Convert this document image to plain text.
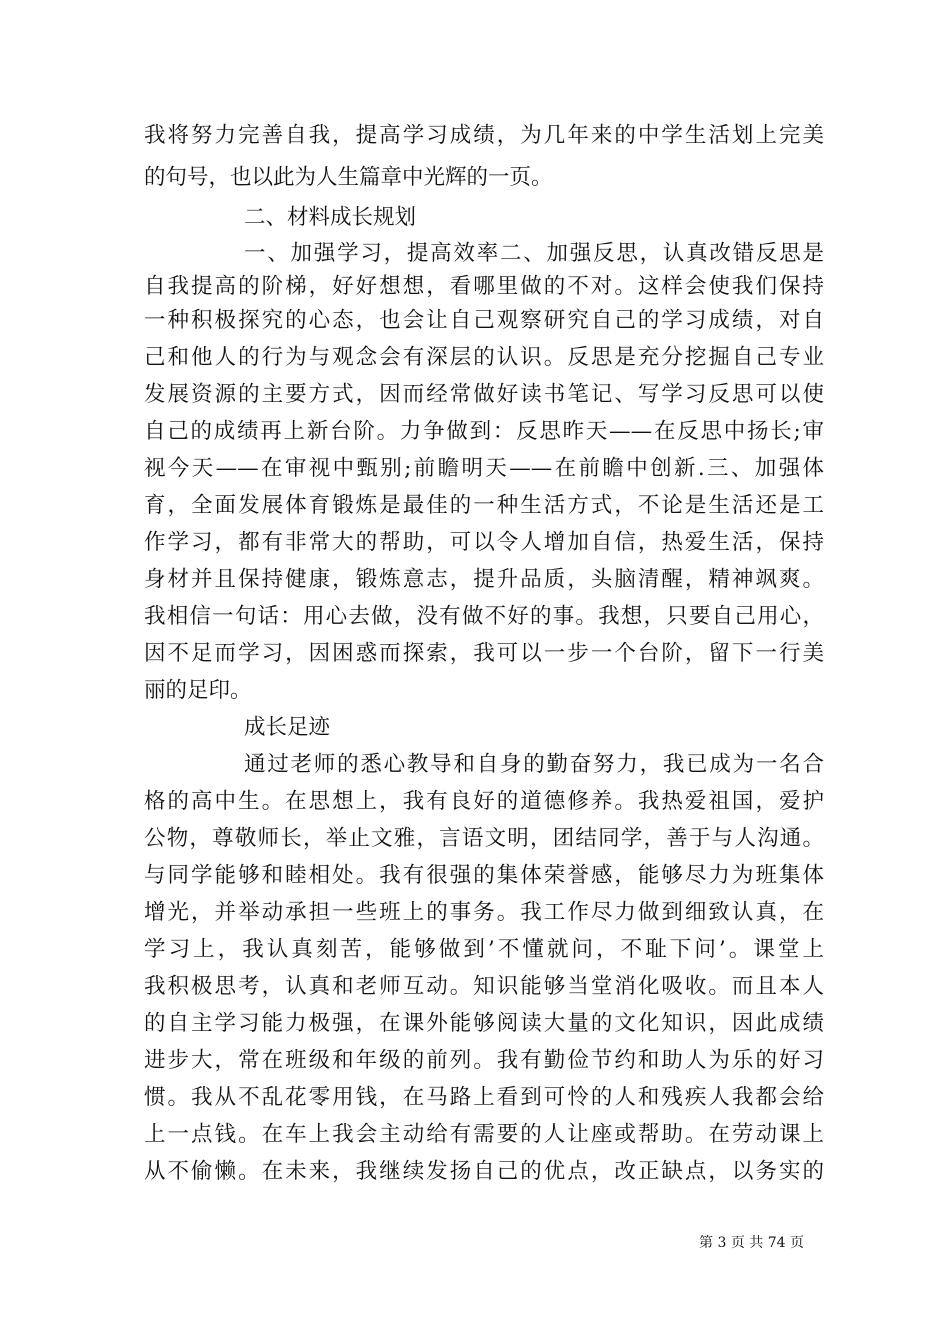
我将努力完善自我，提高学习成绩，为几年来的中学生活划上完美
的句号，也以此为人生篇章中光辉的一页。
二、材料成长规划
一、加强学习，提高效率二、加强反思，认真改错反思是
自我提高的阶梯，好好想想，看哪里做的不对。这样会使我们保持
一种积极探究的心态，也会让自己观察研究自己的学习成绩，对自
己和他人的行为与观念会有深层的认识。反思是充分挖掘自己专业
发展资源的主要方式，因而经常做好读书笔记、写学习反思可以使
自己的成绩再上新台阶。力争做到：反思昨天——在反思中扬长;审
视今天——在审视中甄别;前瞻明天——在前瞻中创新.三、加强体
育，全面发展体育锻炼是最佳的一种生活方式，不论是生活还是工
作学习，都有非常大的帮助，可以令人增加自信，热爱生活，保持
身材并且保持健康，锻炼意志，提升品质，头脑清醒，精神飒爽。
我相信一句话：用心去做，没有做不好的事。我想，只要自己用心，
因不足而学习，因困惑而探索，我可以一步一个台阶，留下一行美
丽的足印。
成长足迹
通过老师的悉心教导和自身的勤奋努力，我已成为一名合
格的高中生。在思想上，我有良好的道德修养。我热爱祖国，爱护
公物，尊敬师长，举止文雅，言语文明，团结同学，善于与人沟通。
与同学能够和睦相处。我有很强的集体荣誉感，能够尽力为班集体
增光，并举动承担一些班上的事务。我工作尽力做到细致认真，在
学习上，我认真刻苦，能够做到’不懂就问，不耻下问’。课堂上
我积极思考，认真和老师互动。知识能够当堂消化吸收。而且本人
的自主学习能力极强，在课外能够阅读大量的文化知识，因此成绩
进步大，常在班级和年级的前列。我有勤俭节约和助人为乐的好习
惯。我从不乱花零用钱，在马路上看到可怜的人和残疾人我都会给
上一点钱。在车上我会主动给有需要的人让座或帮助。在劳动课上
从不偷懒。在未来，我继续发扬自己的优点，改正缺点，以务实的
第 3 页 共 74 页
